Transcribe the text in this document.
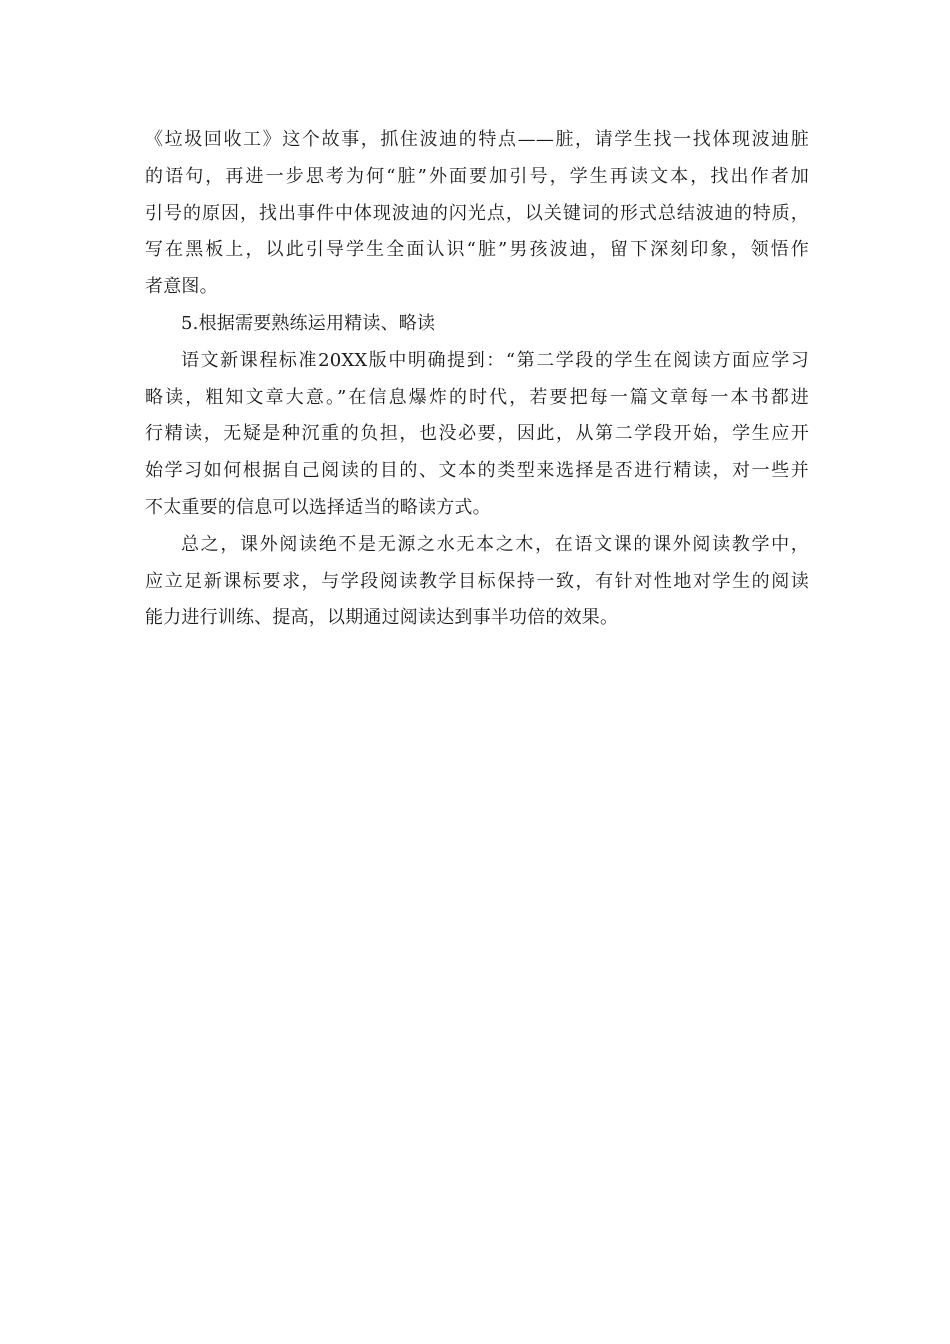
《垃圾回收工》这个故事，抓住波迪的特点——脏，请学生找一找体现波迪脏
的语句，再进一步思考为何“脏”外面要加引号，学生再读文本，找出作者加
引号的原因，找出事件中体现波迪的闪光点，以关键词的形式总结波迪的特质，
写在黑板上，以此引导学生全面认识“脏”男孩波迪，留下深刻印象，领悟作
者意图。
5.根据需要熟练运用精读、略读
语文新课程标准20XX版中明确提到：“第二学段的学生在阅读方面应学习
略读，粗知文章大意。”在信息爆炸的时代，若要把每一篇文章每一本书都进
行精读，无疑是种沉重的负担，也没必要，因此，从第二学段开始，学生应开
始学习如何根据自己阅读的目的、文本的类型来选择是否进行精读，对一些并
不太重要的信息可以选择适当的略读方式。
总之，课外阅读绝不是无源之水无本之木，在语文课的课外阅读教学中，
应立足新课标要求，与学段阅读教学目标保持一致，有针对性地对学生的阅读
能力进行训练、提高，以期通过阅读达到事半功倍的效果。
